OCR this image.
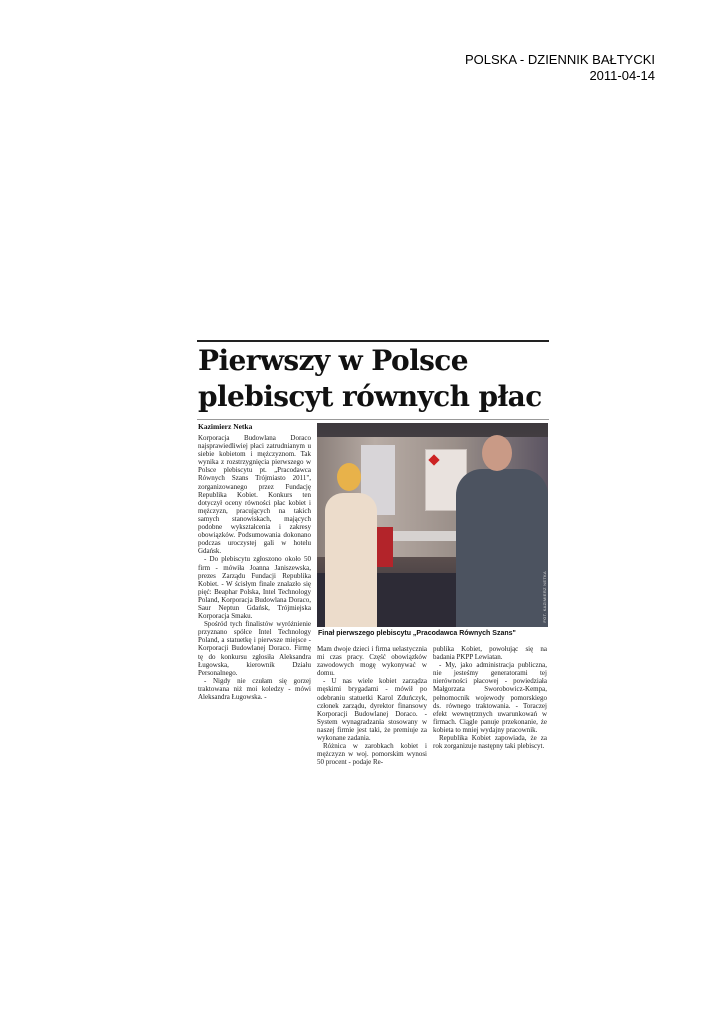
POLSKA - DZIENNIK BAŁTYCKI
2011-04-14
Pierwszy w Polsce
plebiscyt równych płac
Kazimierz Netka

Korporacja Budowlana Doraco najsprawiedliwiej płaci zatrudnianym u siebie kobietom i mężczyznom. Tak wynika z rozstrzygnięcia pierwszego w Polsce plebiscytu pt. „Pracodawca Równych Szans Trójmiasto 2011", zorganizowanego przez Fundację Republika Kobiet. Konkurs ten dotyczył oceny równości płac kobiet i mężczyzn, pracujących na takich samych stanowiskach, mających podobne wykształcenia i zakresy obowiązków. Podsumowania dokonano podczas uroczystej gali w hotelu Gdańsk.

- Do plebiscytu zgłoszono około 50 firm - mówiła Joanna Janiszewska, prezes Zarządu Fundacji Republika Kobiet. - W ścisłym finale znalazło się pięć: Beaphar Polska, Intel Technology Poland, Korporacja Budowlana Doraco, Saur Neptun Gdańsk, Trójmiejska Korporacja Smaku.

Spośród tych finalistów wyróżnienie przyznano spółce Intel Technology Poland, a statuetkę i pierwsze miejsce - Korporacji Budowlanej Doraco. Firmę tę do konkursu zgłosiła Aleksandra Ługowska, kierownik Działu Personalnego.

- Nigdy nie czułam się gorzej traktowana niż moi koledzy - mówi Aleksandra Ługowska. -

FOT. KAZIMIERZ NETKA
Finał pierwszego plebiscytu „Pracodawca Równych Szans"

Mam dwoje dzieci i firma uelastycznia mi czas pracy. Część obowiązków zawodowych mogę wykonywać w domu.

- U nas wiele kobiet zarządza męskimi brygadami - mówił po odebraniu statuetki Karol Zduńczyk, członek zarządu, dyrektor finansowy Korporacji Budowlanej Doraco. - System wynagradzania stosowany w naszej firmie jest taki, że premiuje za wykonane zadania.

Różnica w zarobkach kobiet i mężczyzn w woj. pomorskim wynosi 50 procent - podaje Re-

publika Kobiet, powołując się na badania PKPP Lewiatan.

- My, jako administracja publiczna, nie jesteśmy generatorami tej nierówności płacowej - powiedziała Małgorzata Sworobowicz-Kempa, pełnomocnik wojewody pomorskiego ds. równego traktowania. - Toraczej efekt wewnętrznych uwarunkowań w firmach. Ciągle panuje przekonanie, że kobieta to mniej wydajny pracownik.

Republika Kobiet zapowiada, że za rok zorganizuje następny taki plebiscyt.
